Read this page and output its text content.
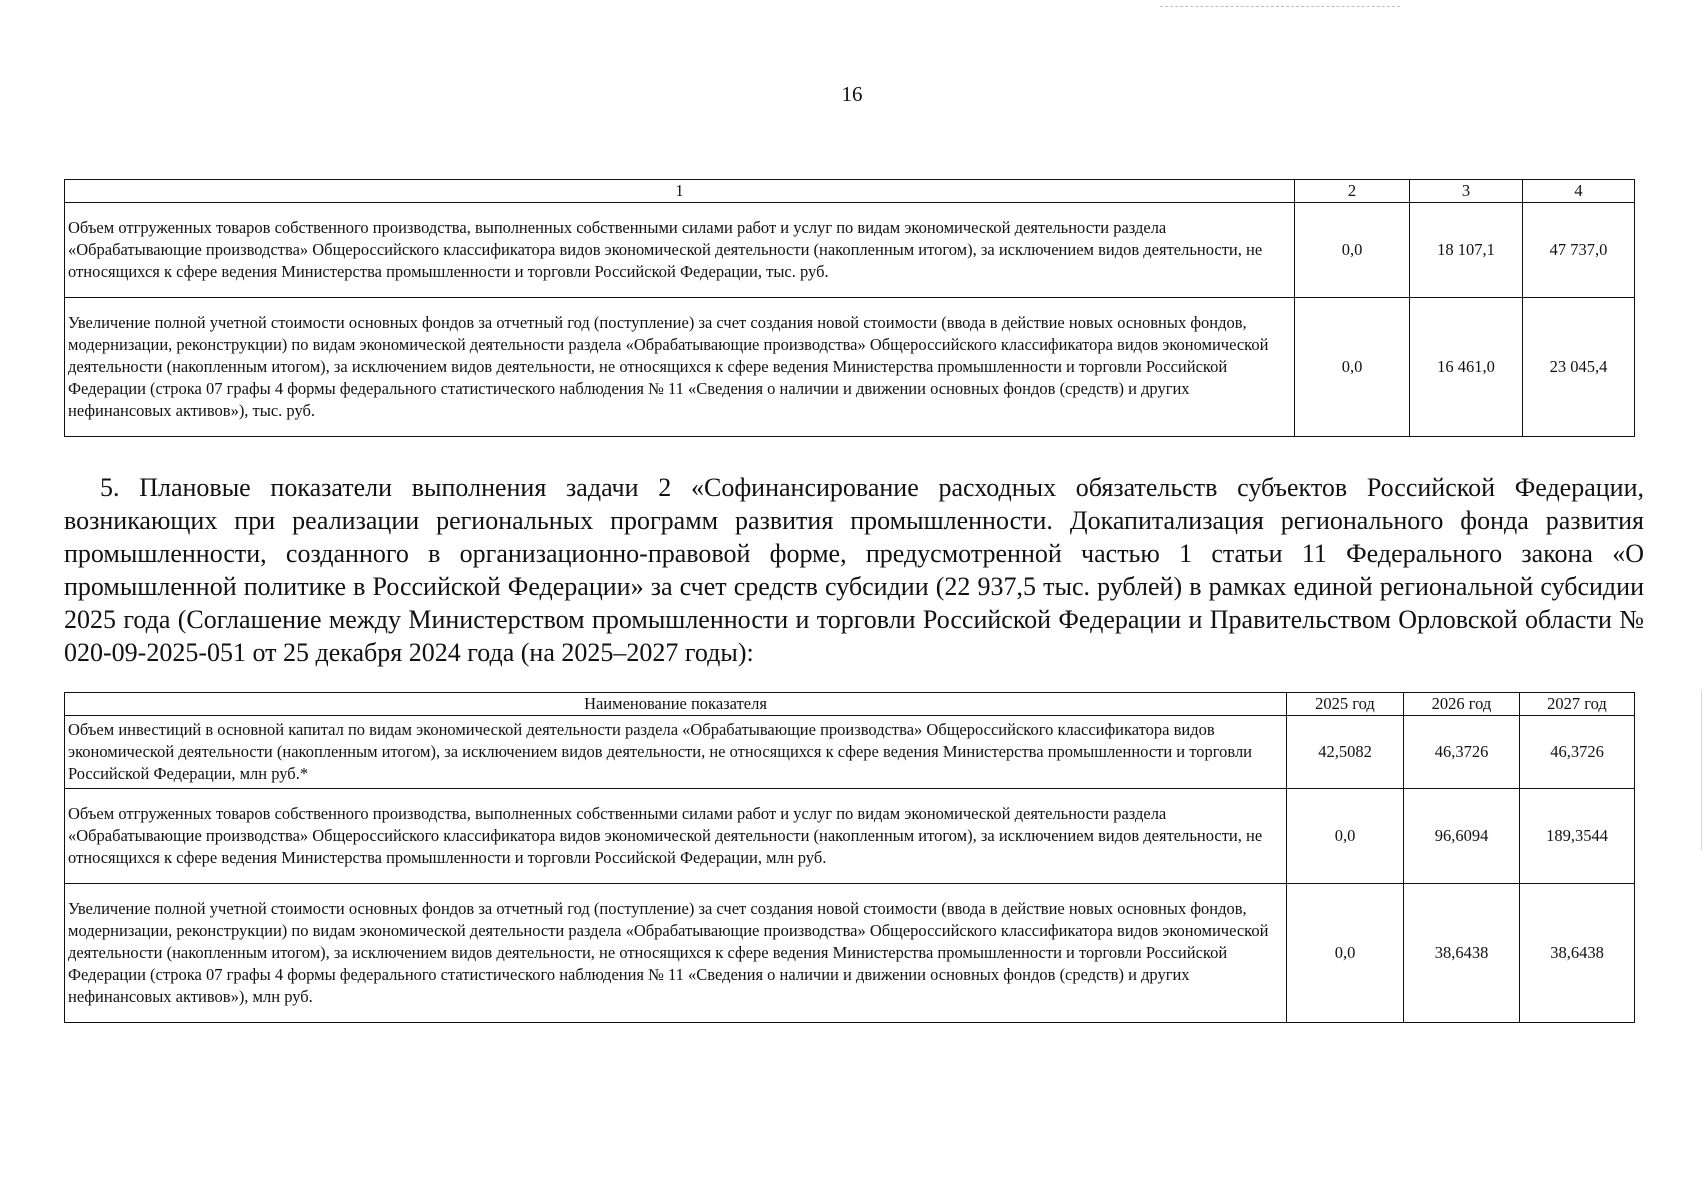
16
1	2	3	4
Объем отгруженных товаров собственного производства, выполненных собственными силами работ и услуг по видам экономической деятельности раздела «Обрабатывающие производства» Общероссийского классификатора видов экономической деятельности (накопленным итогом), за исключением видов деятельности, не относящихся к сфере ведения Министерства промышленности и торговли Российской Федерации, тыс. руб.	0,0	18 107,1	47 737,0
Увеличение полной учетной стоимости основных фондов за отчетный год (поступление) за счет создания новой стоимости (ввода в действие новых основных фондов, модернизации, реконструкции) по видам экономической деятельности раздела «Обрабатывающие производства» Общероссийского классификатора видов экономической деятельности (накопленным итогом), за исключением видов деятельности, не относящихся к сфере ведения Министерства промышленности и торговли Российской Федерации (строка 07 графы 4 формы федерального статистического наблюдения № 11 «Сведения о наличии и движении основных фондов (средств) и других нефинансовых активов»), тыс. руб.	0,0	16 461,0	23 045,4

5. Плановые показатели выполнения задачи 2 «Софинансирование расходных обязательств субъектов Российской Федерации, возникающих при реализации региональных программ развития промышленности. Докапитализация регионального фонда развития промышленности, созданного в организационно-правовой форме, предусмотренной частью 1 статьи 11 Федерального закона «О промышленной политике в Российской Федерации» за счет средств субсидии (22 937,5 тыс. рублей) в рамках единой региональной субсидии 2025 года (Соглашение между Министерством промышленности и торговли Российской Федерации и Правительством Орловской области № 020-09-2025-051 от 25 декабря 2024 года (на 2025–2027 годы):

Наименование показателя	2025 год	2026 год	2027 год
Объем инвестиций в основной капитал по видам экономической деятельности раздела «Обрабатывающие производства» Общероссийского классификатора видов экономической деятельности (накопленным итогом), за исключением видов деятельности, не относящихся к сфере ведения Министерства промышленности и торговли Российской Федерации, млн руб.*	42,5082	46,3726	46,3726
Объем отгруженных товаров собственного производства, выполненных собственными силами работ и услуг по видам экономической деятельности раздела «Обрабатывающие производства» Общероссийского классификатора видов экономической деятельности (накопленным итогом), за исключением видов деятельности, не относящихся к сфере ведения Министерства промышленности и торговли Российской Федерации, млн руб.	0,0	96,6094	189,3544
Увеличение полной учетной стоимости основных фондов за отчетный год (поступление) за счет создания новой стоимости (ввода в действие новых основных фондов, модернизации, реконструкции) по видам экономической деятельности раздела «Обрабатывающие производства» Общероссийского классификатора видов экономической деятельности (накопленным итогом), за исключением видов деятельности, не относящихся к сфере ведения Министерства промышленности и торговли Российской Федерации (строка 07 графы 4 формы федерального статистического наблюдения № 11 «Сведения о наличии и движении основных фондов (средств) и других нефинансовых активов»), млн руб.	0,0	38,6438	38,6438
